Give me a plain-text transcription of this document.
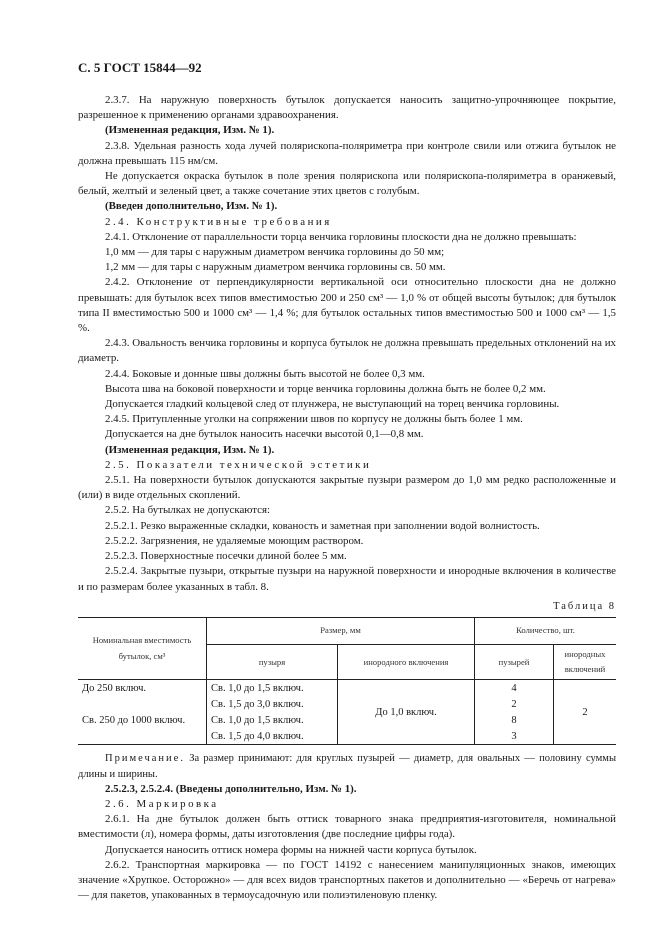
С. 5 ГОСТ 15844—92

2.3.7. На наружную поверхность бутылок допускается наносить защитно-упрочняющее покрытие, разрешенное к применению органами здравоохранения.

(Измененная редакция, Изм. № 1).

2.3.8. Удельная разность хода лучей полярископа-поляриметра при контроле свили или отжига бутылок не должна превышать 115 нм/см.

Не допускается окраска бутылок в поле зрения полярископа или полярископа-поляриметра в оранжевый, белый, желтый и зеленый цвет, а также сочетание этих цветов с голубым.

(Введен дополнительно, Изм. № 1).

2.4. Конструктивные требования

2.4.1. Отклонение от параллельности торца венчика горловины плоскости дна не должно превышать:

1,0 мм — для тары с наружным диаметром венчика горловины до 50 мм;

1,2 мм — для тары с наружным диаметром венчика горловины св. 50 мм.

2.4.2. Отклонение от перпендикулярности вертикальной оси относительно плоскости дна не должно превышать: для бутылок всех типов вместимостью 200 и 250 см³ — 1,0 % от общей высоты бутылок; для бутылок типа II вместимостью 500 и 1000 см³ — 1,4 %; для бутылок остальных типов вместимостью 500 и 1000 см³ — 1,5 %.

2.4.3. Овальность венчика горловины и корпуса бутылок не должна превышать предельных отклонений на их диаметр.

2.4.4. Боковые и донные швы должны быть высотой не более 0,3 мм.

Высота шва на боковой поверхности и торце венчика горловины должна быть не более 0,2 мм.

Допускается гладкий кольцевой след от плунжера, не выступающий на торец венчика горловины.

2.4.5. Притупленные уголки на сопряжении швов по корпусу не должны быть более 1 мм.

Допускается на дне бутылок наносить насечки высотой 0,1—0,8 мм.

(Измененная редакция, Изм. № 1).

2.5. Показатели технической эстетики

2.5.1. На поверхности бутылок допускаются закрытые пузыри размером до 1,0 мм редко расположенные и (или) в виде отдельных скоплений.

2.5.2. На бутылках не допускаются:

2.5.2.1. Резко выраженные складки, кованость и заметная при заполнении водой волнистость.

2.5.2.2. Загрязнения, не удаляемые моющим раствором.

2.5.2.3. Поверхностные посечки длиной более 5 мм.

2.5.2.4. Закрытые пузыри, открытые пузыри на наружной поверхности и инородные включения в количестве и по размерам более указанных в табл. 8.

Таблица 8
Номинальная вместимость бутылок, см³	Размер, мм		Количество, шт.	
	пузыря	инородного включения	пузырей	инородных включений
До 250 включ.	Св. 1,0 до 1,5 включ.	До 1,0 включ.	4	2
	Св. 1,5 до 3,0 включ.		2	
Св. 250 до 1000 включ.	Св. 1,0 до 1,5 включ.		8	
	Св. 1,5 до 4,0 включ.		3	

Примечание. За размер принимают: для круглых пузырей — диаметр, для овальных — половину суммы длины и ширины.

2.5.2.3, 2.5.2.4. (Введены дополнительно, Изм. № 1).

2.6. Маркировка

2.6.1. На дне бутылок должен быть оттиск товарного знака предприятия-изготовителя, номинальной вместимости (л), номера формы, даты изготовления (две последние цифры года).

Допускается наносить оттиск номера формы на нижней части корпуса бутылок.

2.6.2. Транспортная маркировка — по ГОСТ 14192 с нанесением манипуляционных знаков, имеющих значение «Хрупкое. Осторожно» — для всех видов транспортных пакетов и дополнительно — «Беречь от нагрева» — для пакетов, упакованных в термоусадочную или полиэтиленовую пленку.
